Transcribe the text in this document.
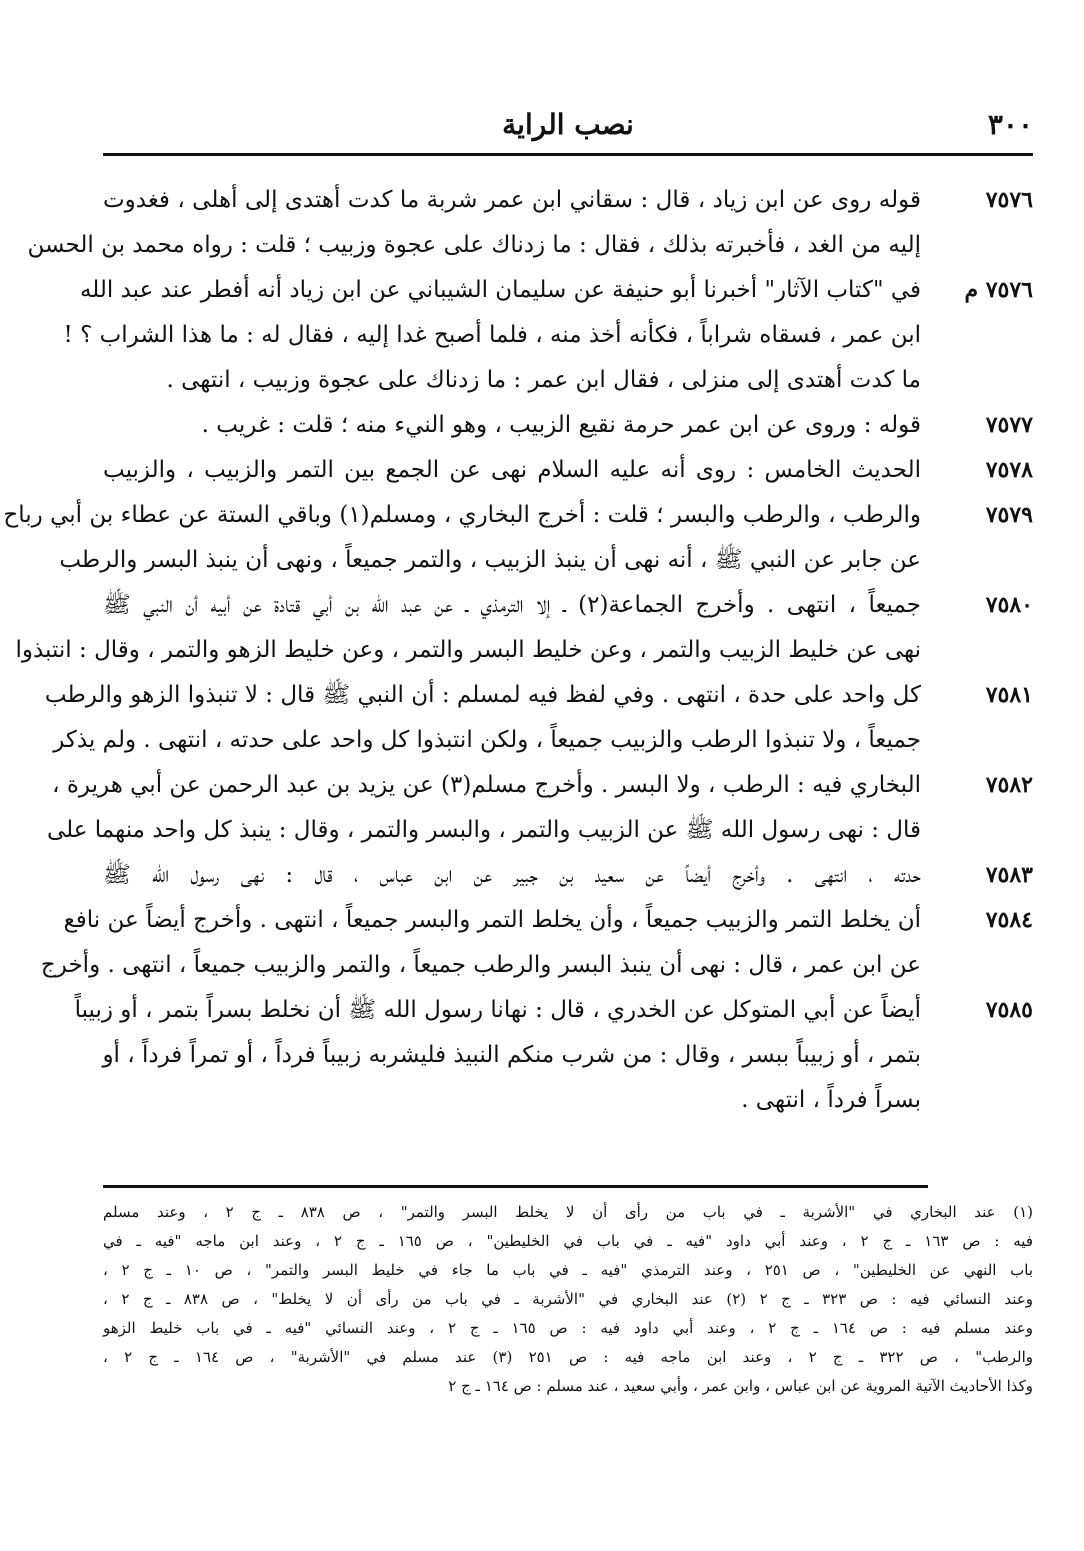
نصب الراية	٣٠٠
٧٥٧٦
قوله روى عن ابن زياد ، قال : سقاني ابن عمر شربة ما كدت أهتدى إلى أهلى ، فغدوت
إليه من الغد ، فأخبرته بذلك ، فقال : ما زدناك على عجوة وزبيب ؛ قلت : رواه محمد بن الحسن
٧٥٧٦ م
في "كتاب الآثار" أخبرنا أبو حنيفة عن سليمان الشيباني عن ابن زياد أنه أفطر عند عبد الله
ابن عمر ، فسقاه شراباً ، فكأنه أخذ منه ، فلما أصبح غدا إليه ، فقال له : ما هذا الشراب ؟ !
ما كدت أهتدى إلى منزلى ، فقال ابن عمر : ما زدناك على عجوة وزبيب ، انتهى .
٧٥٧٧
قوله : وروى عن ابن عمر حرمة نقيع الزبيب ، وهو النيء منه ؛ قلت : غريب .
٧٥٧٨
الحديث الخامس : روى أنه عليه السلام نهى عن الجمع بين التمر والزبيب ، والزبيب
٧٥٧٩
والرطب ، والرطب والبسر ؛ قلت : أخرج البخاري ، ومسلم(١) وباقي الستة عن عطاء بن أبي رباح
عن جابر عن النبي ﷺ ، أنه نهى أن ينبذ الزبيب ، والتمر جميعاً ، ونهى أن ينبذ البسر والرطب
٧٥٨٠
جميعاً ، انتهى . وأخرج الجماعة(٢) ـ إلا الترمذي ـ عن عبد الله بن أبي قتادة عن أبيه أن النبي ﷺ
نهى عن خليط الزبيب والتمر ، وعن خليط البسر والتمر ، وعن خليط الزهو والتمر ، وقال : انتبذوا
٧٥٨١
كل واحد على حدة ، انتهى . وفي لفظ فيه لمسلم : أن النبي ﷺ قال : لا تنبذوا الزهو والرطب
جميعاً ، ولا تنبذوا الرطب والزبيب جميعاً ، ولكن انتبذوا كل واحد على حدته ، انتهى . ولم يذكر
٧٥٨٢
البخاري فيه : الرطب ، ولا البسر . وأخرج مسلم(٣) عن يزيد بن عبد الرحمن عن أبي هريرة ،
قال : نهى رسول الله ﷺ عن الزبيب والتمر ، والبسر والتمر ، وقال : ينبذ كل واحد منهما على
٧٥٨٣
حدته ، انتهى . وأخرج أيضاً عن سعيد بن جبير عن ابن عباس ، قال : نهى رسول الله ﷺ
٧٥٨٤
أن يخلط التمر والزبيب جميعاً ، وأن يخلط التمر والبسر جميعاً ، انتهى . وأخرج أيضاً عن نافع
عن ابن عمر ، قال : نهى أن ينبذ البسر والرطب جميعاً ، والتمر والزبيب جميعاً ، انتهى . وأخرج
٧٥٨٥
أيضاً عن أبي المتوكل عن الخدري ، قال : نهانا رسول الله ﷺ أن نخلط بسراً بتمر ، أو زبيباً
بتمر ، أو زبيباً ببسر ، وقال : من شرب منكم النبيذ فليشربه زبيباً فرداً ، أو تمراً فرداً ، أو
بسراً فرداً ، انتهى .
(١) عند البخاري في "الأشربة ـ في باب من رأى أن لا يخلط البسر والتمر" ، ص ٨٣٨ ـ ج ٢ ، وعند مسلم
فيه : ص ١٦٣ ـ ج ٢ ، وعند أبي داود "فيه ـ في باب في الخليطين" ، ص ١٦٥ ـ ج ٢ ، وعند ابن ماجه "فيه ـ في
باب النهي عن الخليطين" ، ص ٢٥١ ، وعند الترمذي "فيه ـ في باب ما جاء في خليط البسر والتمر" ، ص ١٠ ـ ج ٢ ،
وعند النسائي فيه : ص ٣٢٣ ـ ج ٢ (٢) عند البخاري في "الأشربة ـ في باب من رأى أن لا يخلط" ، ص ٨٣٨ ـ ج ٢ ،
وعند مسلم فيه : ص ١٦٤ ـ ج ٢ ، وعند أبي داود فيه : ص ١٦٥ ـ ج ٢ ، وعند النسائي "فيه ـ في باب خليط الزهو
والرطب" ، ص ٣٢٢ ـ ج ٢ ، وعند ابن ماجه فيه : ص ٢٥١ (٣) عند مسلم في "الأشربة" ، ص ١٦٤ ـ ج ٢ ،
وكذا الأحاديث الآتية المروية عن ابن عباس ، وابن عمر ، وأبي سعيد ، عند مسلم : ص ١٦٤ ـ ج ٢
